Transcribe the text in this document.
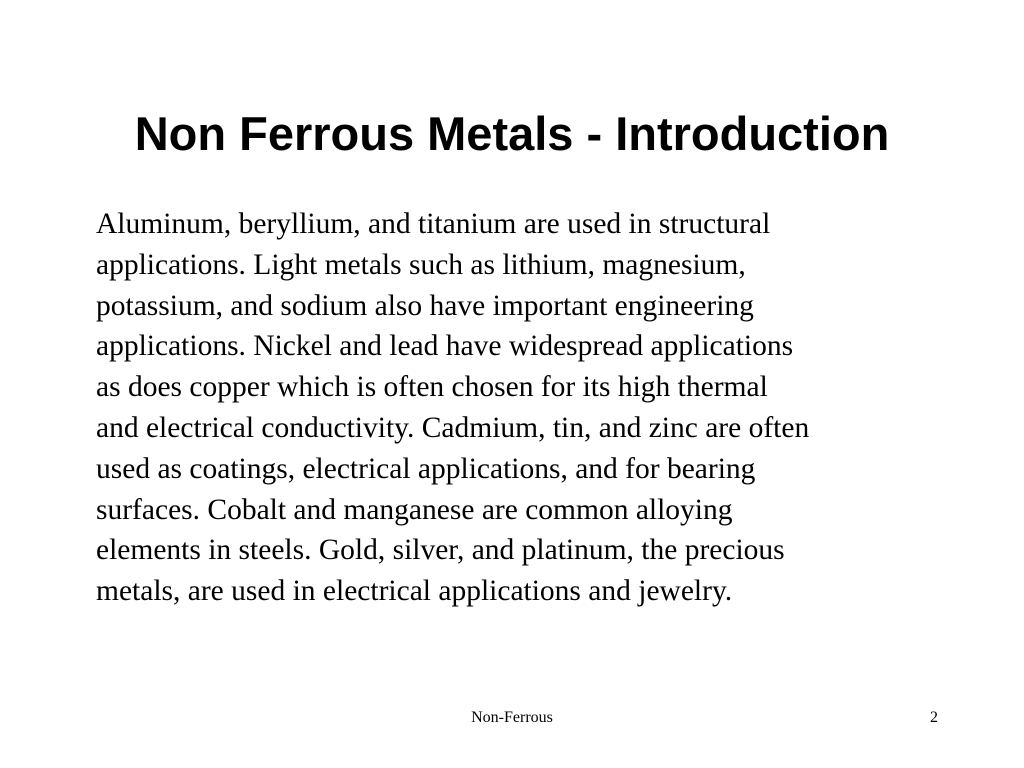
Non Ferrous Metals - Introduction
Aluminum, beryllium, and titanium are used in structural
applications. Light metals such as lithium, magnesium,
potassium, and sodium also have important engineering
applications. Nickel and lead have widespread applications
as does copper which is often chosen for its high thermal
and electrical conductivity. Cadmium, tin, and zinc are often
used as coatings, electrical applications, and for bearing
surfaces. Cobalt and manganese are common alloying
elements in steels. Gold, silver, and platinum, the precious
metals, are used in electrical applications and jewelry.
Non-Ferrous	2
